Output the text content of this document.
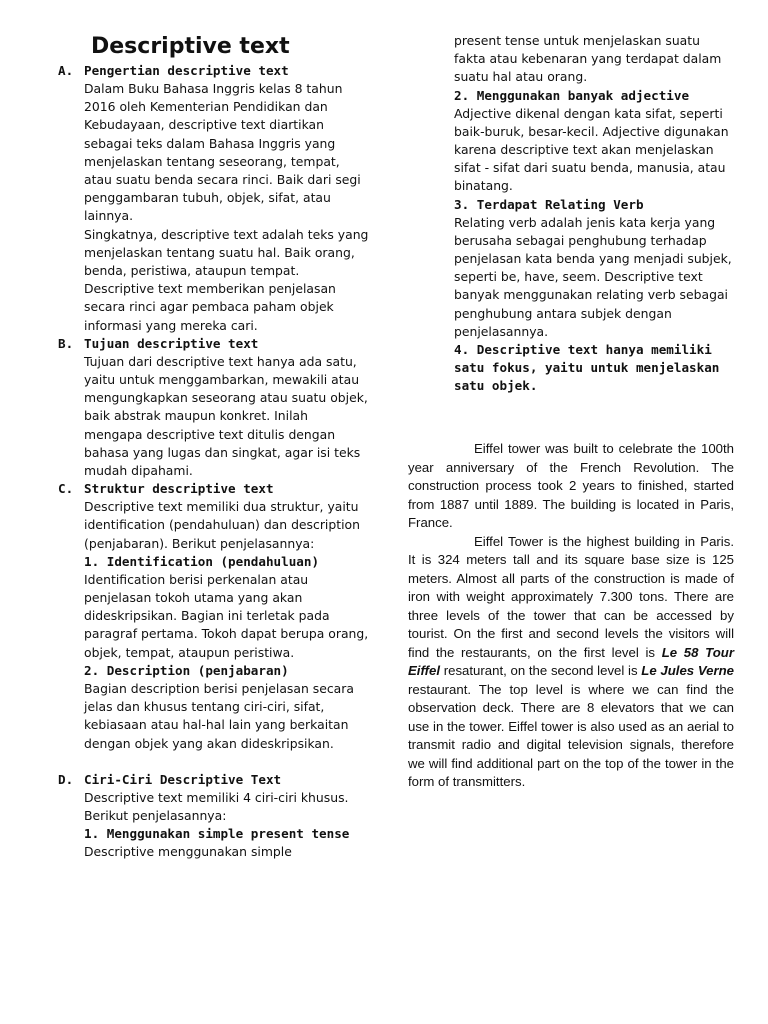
Descriptive text
A. Pengertian descriptive text
Dalam Buku Bahasa Inggris kelas 8 tahun 2016 oleh Kementerian Pendidikan dan Kebudayaan, descriptive text diartikan sebagai teks dalam Bahasa Inggris yang menjelaskan tentang seseorang, tempat, atau suatu benda secara rinci. Baik dari segi penggambaran tubuh, objek, sifat, atau lainnya.
Singkatnya, descriptive text adalah teks yang menjelaskan tentang suatu hal. Baik orang, benda, peristiwa, ataupun tempat. Descriptive text memberikan penjelasan secara rinci agar pembaca paham objek informasi yang mereka cari.
B. Tujuan descriptive text
Tujuan dari descriptive text hanya ada satu, yaitu untuk menggambarkan, mewakili atau mengungkapkan seseorang atau suatu objek, baik abstrak maupun konkret. Inilah mengapa descriptive text ditulis dengan bahasa yang lugas dan singkat, agar isi teks mudah dipahami.
C. Struktur descriptive text
Descriptive text memiliki dua struktur, yaitu identification (pendahuluan) dan description (penjabaran). Berikut penjelasannya:
1. Identification (pendahuluan)
Identification berisi perkenalan atau penjelasan tokoh utama yang akan dideskripsikan. Bagian ini terletak pada paragraf pertama. Tokoh dapat berupa orang, objek, tempat, ataupun peristiwa.
2. Description (penjabaran)
Bagian description berisi penjelasan secara jelas dan khusus tentang ciri-ciri, sifat, kebiasaan atau hal-hal lain yang berkaitan dengan objek yang akan dideskripsikan.
D. Ciri-Ciri Descriptive Text
Descriptive text memiliki 4 ciri-ciri khusus. Berikut penjelasannya:
1. Menggunakan simple present tense
Descriptive menggunakan simple
present tense untuk menjelaskan suatu fakta atau kebenaran yang terdapat dalam suatu hal atau orang.
2. Menggunakan banyak adjective
Adjective dikenal dengan kata sifat, seperti baik-buruk, besar-kecil. Adjective digunakan karena descriptive text akan menjelaskan sifat - sifat dari suatu benda, manusia, atau binatang.
3. Terdapat Relating Verb
Relating verb adalah jenis kata kerja yang berusaha sebagai penghubung terhadap penjelasan kata benda yang menjadi subjek, seperti be, have, seem. Descriptive text banyak menggunakan relating verb sebagai penghubung antara subjek dengan penjelasannya.
4. Descriptive text hanya memiliki satu fokus, yaitu untuk menjelaskan satu objek.

Eiffel tower was built to celebrate the 100th year anniversary of the French Revolution. The construction process took 2 years to finished, started from 1887 until 1889. The building is located in Paris, France.

Eiffel Tower is the highest building in Paris. It is 324 meters tall and its square base size is 125 meters. Almost all parts of the construction is made of iron with weight approximately 7.300 tons. There are three levels of the tower that can be accessed by tourist. On the first and second levels the visitors will find the restaurants, on the first level is Le 58 Tour Eiffel resaturant, on the second level is Le Jules Verne restaurant. The top level is where we can find the observation deck. There are 8 elevators that we can use in the tower. Eiffel tower is also used as an aerial to transmit radio and digital television signals, therefore we will find additional part on the top of the tower in the form of transmitters.
